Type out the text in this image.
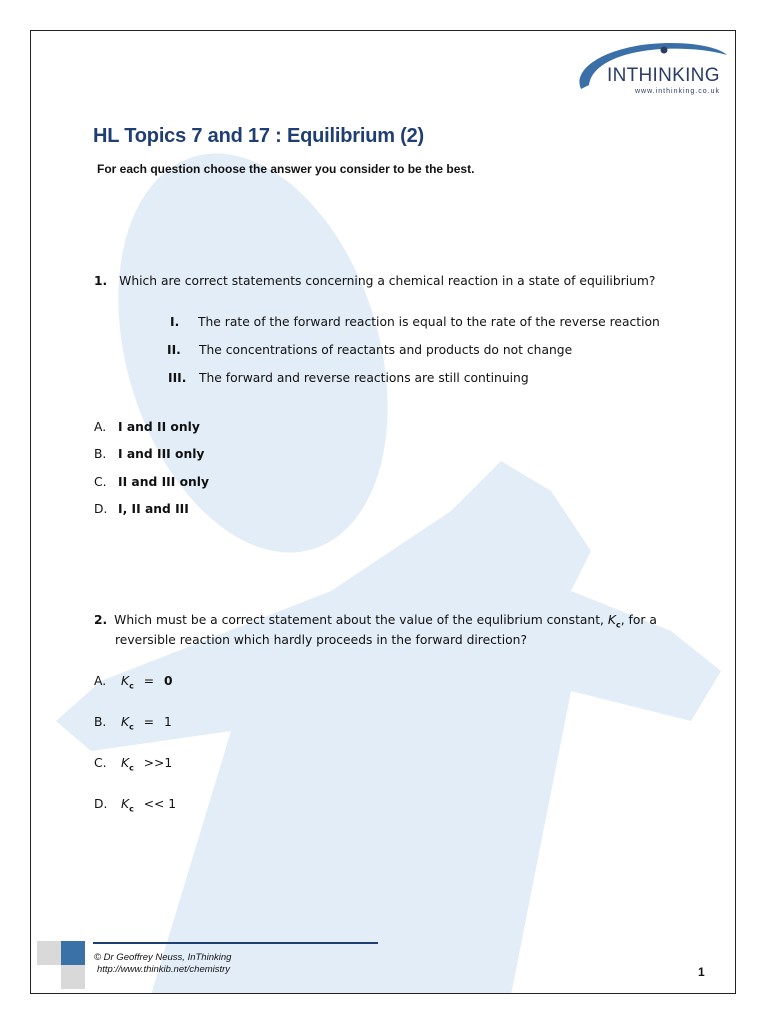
INTHINKING
www.inthinking.co.uk
HL Topics 7 and 17 : Equilibrium (2)
For each question choose the answer you consider to be the best.
1. Which are correct statements concerning a chemical reaction in a state of equilibrium?
I. The rate of the forward reaction is equal to the rate of the reverse reaction
II. The concentrations of reactants and products do not change
III. The forward and reverse reactions are still continuing
A. I and II only
B. I and III only
C. II and III only
D. I, II and III
2. Which must be a correct statement about the value of the equlibrium constant, $K_c$, for a
reversible reaction which hardly proceeds in the forward direction?
A. $K_c = 0$
B. $K_c = 1$
C. $K_c >>1$
D. $K_c << 1$
© Dr Geoffrey Neuss, InThinking
http://www.thinkib.net/chemistry	1
